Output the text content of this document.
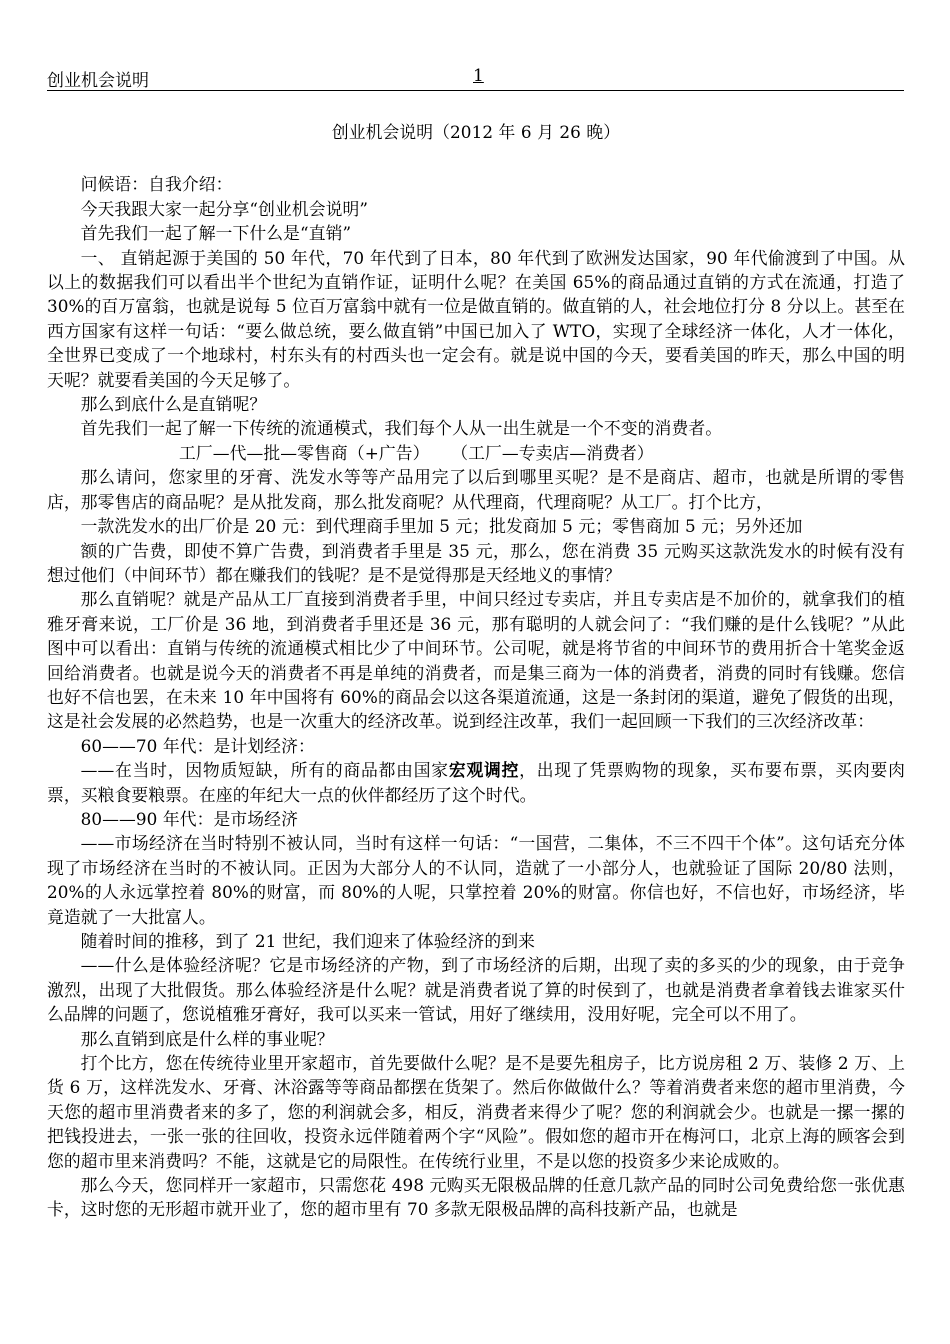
创业机会说明	1
创业机会说明（2012 年 6 月 26 晚）

问候语：自我介绍：

今天我跟大家一起分享“创业机会说明”

首先我们一起了解一下什么是“直销”

一、 直销起源于美国的 50 年代，70 年代到了日本，80 年代到了欧洲发达国家，90 年代偷渡到了中国。从以上的数据我们可以看出半个世纪为直销作证，证明什么呢？在美国 65%的商品通过直销的方式在流通，打造了 30%的百万富翁，也就是说每 5 位百万富翁中就有一位是做直销的。做直销的人，社会地位打分 8 分以上。甚至在西方国家有这样一句话：“要么做总统，要么做直销”中国已加入了 WTO，实现了全球经济一体化，人才一体化，全世界已变成了一个地球村，村东头有的村西头也一定会有。就是说中国的今天，要看美国的昨天，那么中国的明天呢？就要看美国的今天足够了。

那么到底什么是直销呢？

首先我们一起了解一下传统的流通模式，我们每个人从一出生就是一个不变的消费者。

工厂—代—批—零售商（+广告）    （工厂—专卖店—消费者）

那么请问，您家里的牙膏、洗发水等等产品用完了以后到哪里买呢？是不是商店、超市，也就是所谓的零售店，那零售店的商品呢？是从批发商，那么批发商呢？从代理商，代理商呢？从工厂。打个比方，

一款洗发水的出厂价是 20 元：到代理商手里加 5 元；批发商加 5 元；零售商加 5 元；另外还加

额的广告费，即使不算广告费，到消费者手里是 35 元，那么，您在消费 35 元购买这款洗发水的时候有没有想过他们（中间环节）都在赚我们的钱呢？是不是觉得那是天经地义的事情？

那么直销呢？就是产品从工厂直接到消费者手里，中间只经过专卖店，并且专卖店是不加价的，就拿我们的植雅牙膏来说，工厂价是 36 地，到消费者手里还是 36 元，那有聪明的人就会问了：“我们赚的是什么钱呢？”从此图中可以看出：直销与传统的流通模式相比少了中间环节。公司呢，就是将节省的中间环节的费用折合十笔奖金返回给消费者。也就是说今天的消费者不再是单纯的消费者，而是集三商为一体的消费者，消费的同时有钱赚。您信也好不信也罢，在未来 10 年中国将有 60%的商品会以这各渠道流通，这是一条封闭的渠道，避免了假货的出现，这是社会发展的必然趋势，也是一次重大的经济改革。说到经注改革，我们一起回顾一下我们的三次经济改革：

60——70 年代：是计划经济：

——在当时，因物质短缺，所有的商品都由国家宏观调控，出现了凭票购物的现象，买布要布票，买肉要肉票，买粮食要粮票。在座的年纪大一点的伙伴都经历了这个时代。

80——90 年代：是市场经济

——市场经济在当时特别不被认同，当时有这样一句话：“一国营，二集体，不三不四干个体”。这句话充分体现了市场经济在当时的不被认同。正因为大部分人的不认同，造就了一小部分人，也就验证了国际 20/80 法则，20%的人永远掌控着 80%的财富，而 80%的人呢，只掌控着 20%的财富。你信也好，不信也好，市场经济，毕竟造就了一大批富人。

随着时间的推移，到了 21 世纪，我们迎来了体验经济的到来

——什么是体验经济呢？它是市场经济的产物，到了市场经济的后期，出现了卖的多买的少的现象，由于竞争激烈，出现了大批假货。那么体验经济是什么呢？就是消费者说了算的时侯到了，也就是消费者拿着钱去谁家买什么品牌的问题了，您说植雅牙膏好，我可以买来一管试，用好了继续用，没用好呢，完全可以不用了。

那么直销到底是什么样的事业呢？

打个比方，您在传统待业里开家超市，首先要做什么呢？是不是要先租房子，比方说房租 2 万、装修 2 万、上货 6 万，这样洗发水、牙膏、沐浴露等等商品都摆在货架了。然后你做做什么？等着消费者来您的超市里消费，今天您的超市里消费者来的多了，您的利润就会多，相反，消费者来得少了呢？您的利润就会少。也就是一摞一摞的把钱投进去，一张一张的往回收，投资永远伴随着两个字“风险”。假如您的超市开在梅河口，北京上海的顾客会到您的超市里来消费吗？不能，这就是它的局限性。在传统行业里，不是以您的投资多少来论成败的。

那么今天，您同样开一家超市，只需您花 498 元购买无限极品牌的任意几款产品的同时公司免费给您一张优惠卡，这时您的无形超市就开业了，您的超市里有 70 多款无限极品牌的高科技新产品，也就是
